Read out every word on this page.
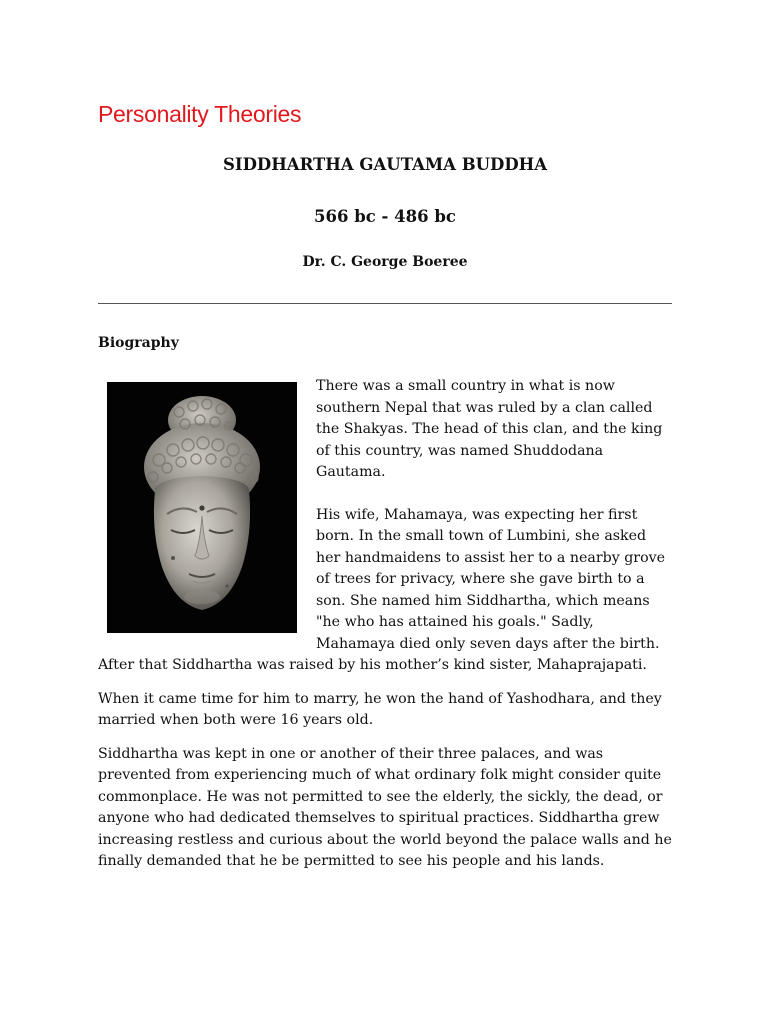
Personality Theories
SIDDHARTHA GAUTAMA BUDDHA
566 bc - 486 bc
Dr. C. George Boeree
Biography

There was a small country in what is now southern Nepal that was ruled by a clan called the Shakyas. The head of this clan, and the king of this country, was named Shuddodana Gautama.

His wife, Mahamaya, was expecting her first born. In the small town of Lumbini, she asked her handmaidens to assist her to a nearby grove of trees for privacy, where she gave birth to a son. She named him Siddhartha, which means "he who has attained his goals." Sadly, Mahamaya died only seven days after the birth. After that Siddhartha was raised by his mother’s kind sister, Mahaprajapati.

When it came time for him to marry, he won the hand of Yashodhara, and they married when both were 16 years old.

Siddhartha was kept in one or another of their three palaces, and was prevented from experiencing much of what ordinary folk might consider quite commonplace. He was not permitted to see the elderly, the sickly, the dead, or anyone who had dedicated themselves to spiritual practices. Siddhartha grew increasing restless and curious about the world beyond the palace walls and he finally demanded that he be permitted to see his people and his lands.
